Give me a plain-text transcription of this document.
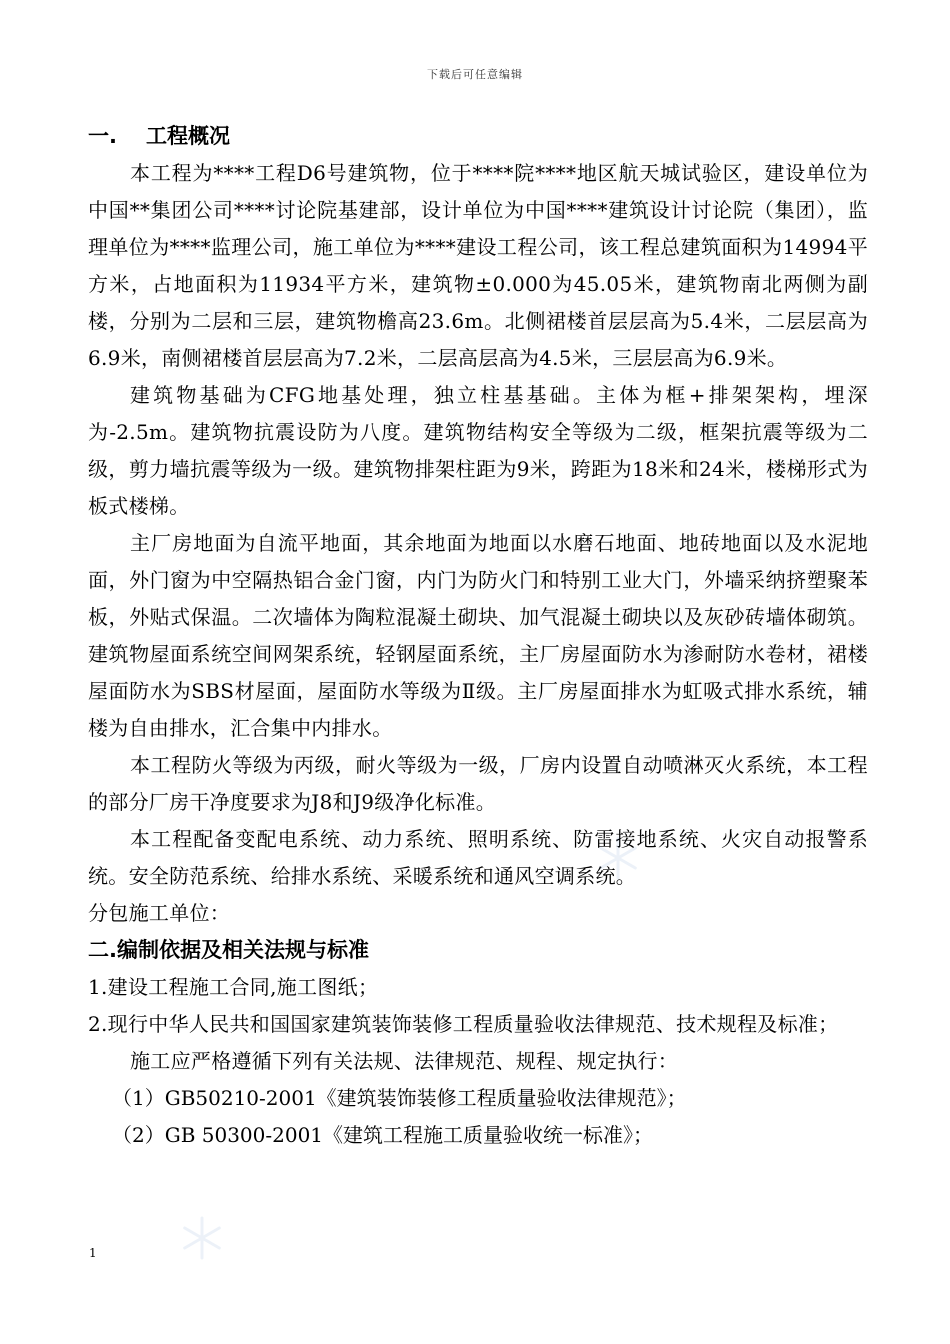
下载后可任意编辑
一. 工程概况

本工程为****工程D6号建筑物，位于****院****地区航天城试验区，建设单位为中国**集团公司****讨论院基建部，设计单位为中国****建筑设计讨论院（集团），监理单位为****监理公司，施工单位为****建设工程公司，该工程总建筑面积为14994平方米，占地面积为11934平方米，建筑物±0.000为45.05米，建筑物南北两侧为副楼，分别为二层和三层，建筑物檐高23.6m。北侧裙楼首层层高为5.4米，二层层高为6.9米，南侧裙楼首层层高为7.2米，二层高层高为4.5米，三层层高为6.9米。

建筑物基础为CFG地基处理，独立柱基基础。主体为框+排架架构，埋深为-2.5m。建筑物抗震设防为八度。建筑物结构安全等级为二级，框架抗震等级为二级，剪力墙抗震等级为一级。建筑物排架柱距为9米，跨距为18米和24米，楼梯形式为板式楼梯。

主厂房地面为自流平地面，其余地面为地面以水磨石地面、地砖地面以及水泥地面，外门窗为中空隔热铝合金门窗，内门为防火门和特别工业大门，外墙采纳挤塑聚苯板，外贴式保温。二次墙体为陶粒混凝土砌块、加气混凝土砌块以及灰砂砖墙体砌筑。建筑物屋面系统空间网架系统，轻钢屋面系统，主厂房屋面防水为渗耐防水卷材，裙楼屋面防水为SBS材屋面，屋面防水等级为Ⅱ级。主厂房屋面排水为虹吸式排水系统，辅楼为自由排水，汇合集中内排水。

本工程防火等级为丙级，耐火等级为一级，厂房内设置自动喷淋灭火系统，本工程的部分厂房干净度要求为J8和J9级净化标准。

本工程配备变配电系统、动力系统、照明系统、防雷接地系统、火灾自动报警系统。安全防范系统、给排水系统、采暖系统和通风空调系统。

分包施工单位：

二.编制依据及相关法规与标准

1.建设工程施工合同,施工图纸；

2.现行中华人民共和国国家建筑装饰装修工程质量验收法律规范、技术规程及标准；

施工应严格遵循下列有关法规、法律规范、规程、规定执行：

（1）GB50210-2001《建筑装饰装修工程质量验收法律规范》；

（2）GB 50300-2001《建筑工程施工质量验收统一标准》；

1
